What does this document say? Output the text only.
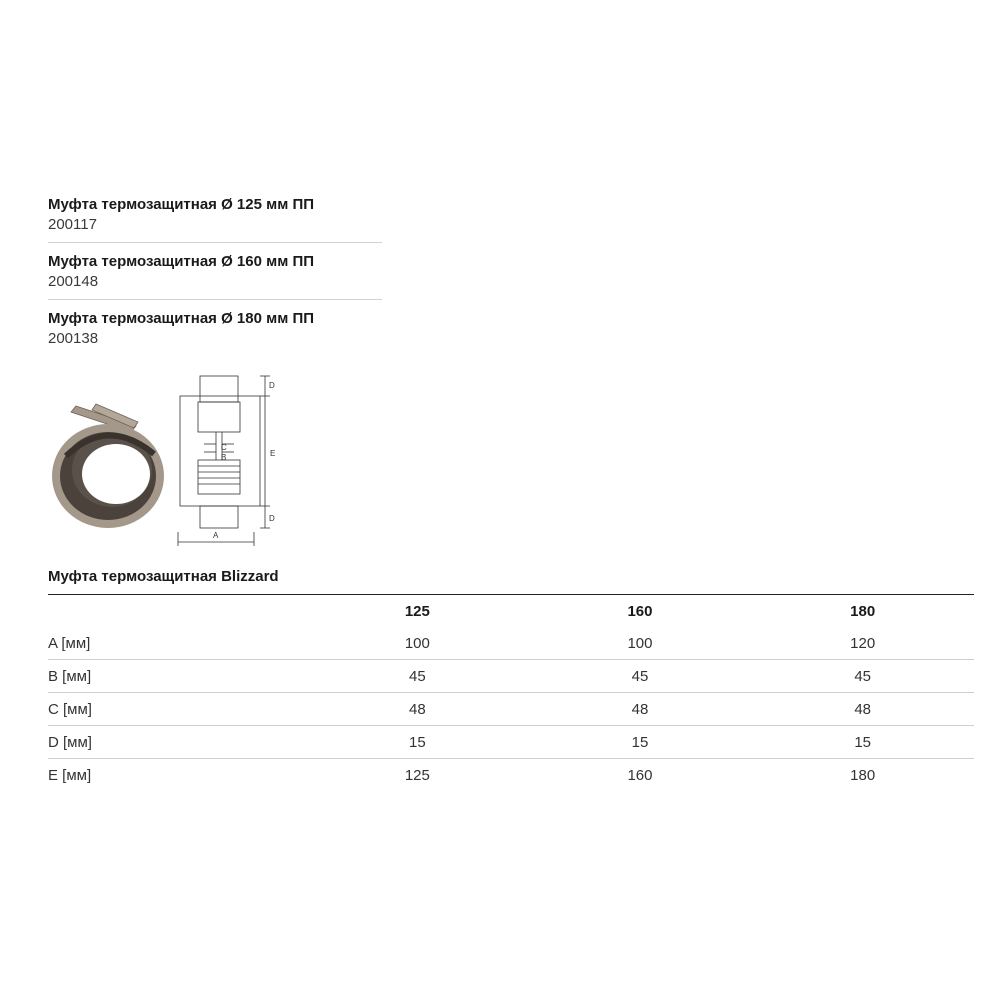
Муфта термозащитная Ø 125 мм ПП
200117
Муфта термозащитная Ø 160 мм ПП
200148
Муфта термозащитная Ø 180 мм ПП
200138
D
E
D
A
C
B
Муфта термозащитная Blizzard
	125	160	180
A [мм]	100	100	120
B [мм]	45	45	45
C [мм]	48	48	48
D [мм]	15	15	15
E [мм]	125	160	180
